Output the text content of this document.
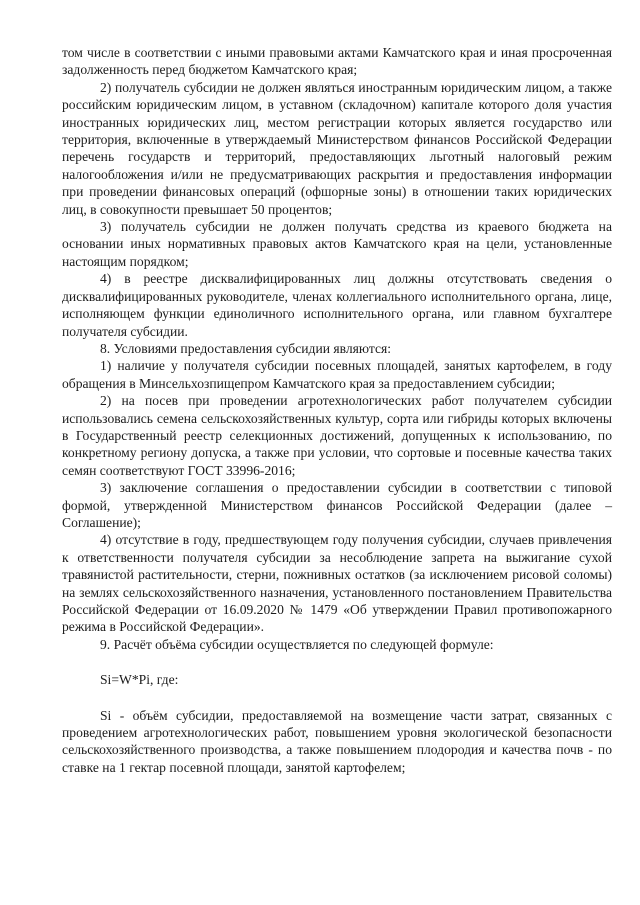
том числе в соответствии с иными правовыми актами Камчатского края и иная просроченная задолженность перед бюджетом Камчатского края;

2) получатель субсидии не должен являться иностранным юридическим лицом, а также российским юридическим лицом, в уставном (складочном) капитале которого доля участия иностранных юридических лиц, местом регистрации которых является государство или территория, включенные в утверждаемый Министерством финансов Российской Федерации перечень государств и территорий, предоставляющих льготный налоговый режим налогообложения и/или не предусматривающих раскрытия и предоставления информации при проведении финансовых операций (офшорные зоны) в отношении таких юридических лиц, в совокупности превышает 50 процентов;

3) получатель субсидии не должен получать средства из краевого бюджета на основании иных нормативных правовых актов Камчатского края на цели, установленные настоящим порядком;

4) в реестре дисквалифицированных лиц должны отсутствовать сведения о дисквалифицированных руководителе, членах коллегиального исполнительного органа, лице, исполняющем функции единоличного исполнительного органа, или главном бухгалтере получателя субсидии.

8. Условиями предоставления субсидии являются:

1) наличие у получателя субсидии посевных площадей, занятых картофелем, в году обращения в Минсельхозпищепром Камчатского края за предоставлением субсидии;

2) на посев при проведении агротехнологических работ получателем субсидии использовались семена сельскохозяйственных культур, сорта или гибриды которых включены в Государственный реестр селекционных достижений, допущенных к использованию, по конкретному региону допуска, а также при условии, что сортовые и посевные качества таких семян соответствуют ГОСТ 33996-2016;

3) заключение соглашения о предоставлении субсидии в соответствии с типовой формой, утвержденной Министерством финансов Российской Федерации (далее – Соглашение);

4) отсутствие в году, предшествующем году получения субсидии, случаев привлечения к ответственности получателя субсидии за несоблюдение запрета на выжигание сухой травянистой растительности, стерни, пожнивных остатков (за исключением рисовой соломы) на землях сельскохозяйственного назначения, установленного постановлением Правительства Российской Федерации от 16.09.2020 № 1479 «Об утверждении Правил противопожарного режима в Российской Федерации».

9. Расчёт объёма субсидии осуществляется по следующей формуле:

Si=W*Pi, где:

Si - объём субсидии, предоставляемой на возмещение части затрат, связанных с проведением агротехнологических работ, повышением уровня экологической безопасности сельскохозяйственного производства, а также повышением плодородия и качества почв - по ставке на 1 гектар посевной площади, занятой картофелем;
